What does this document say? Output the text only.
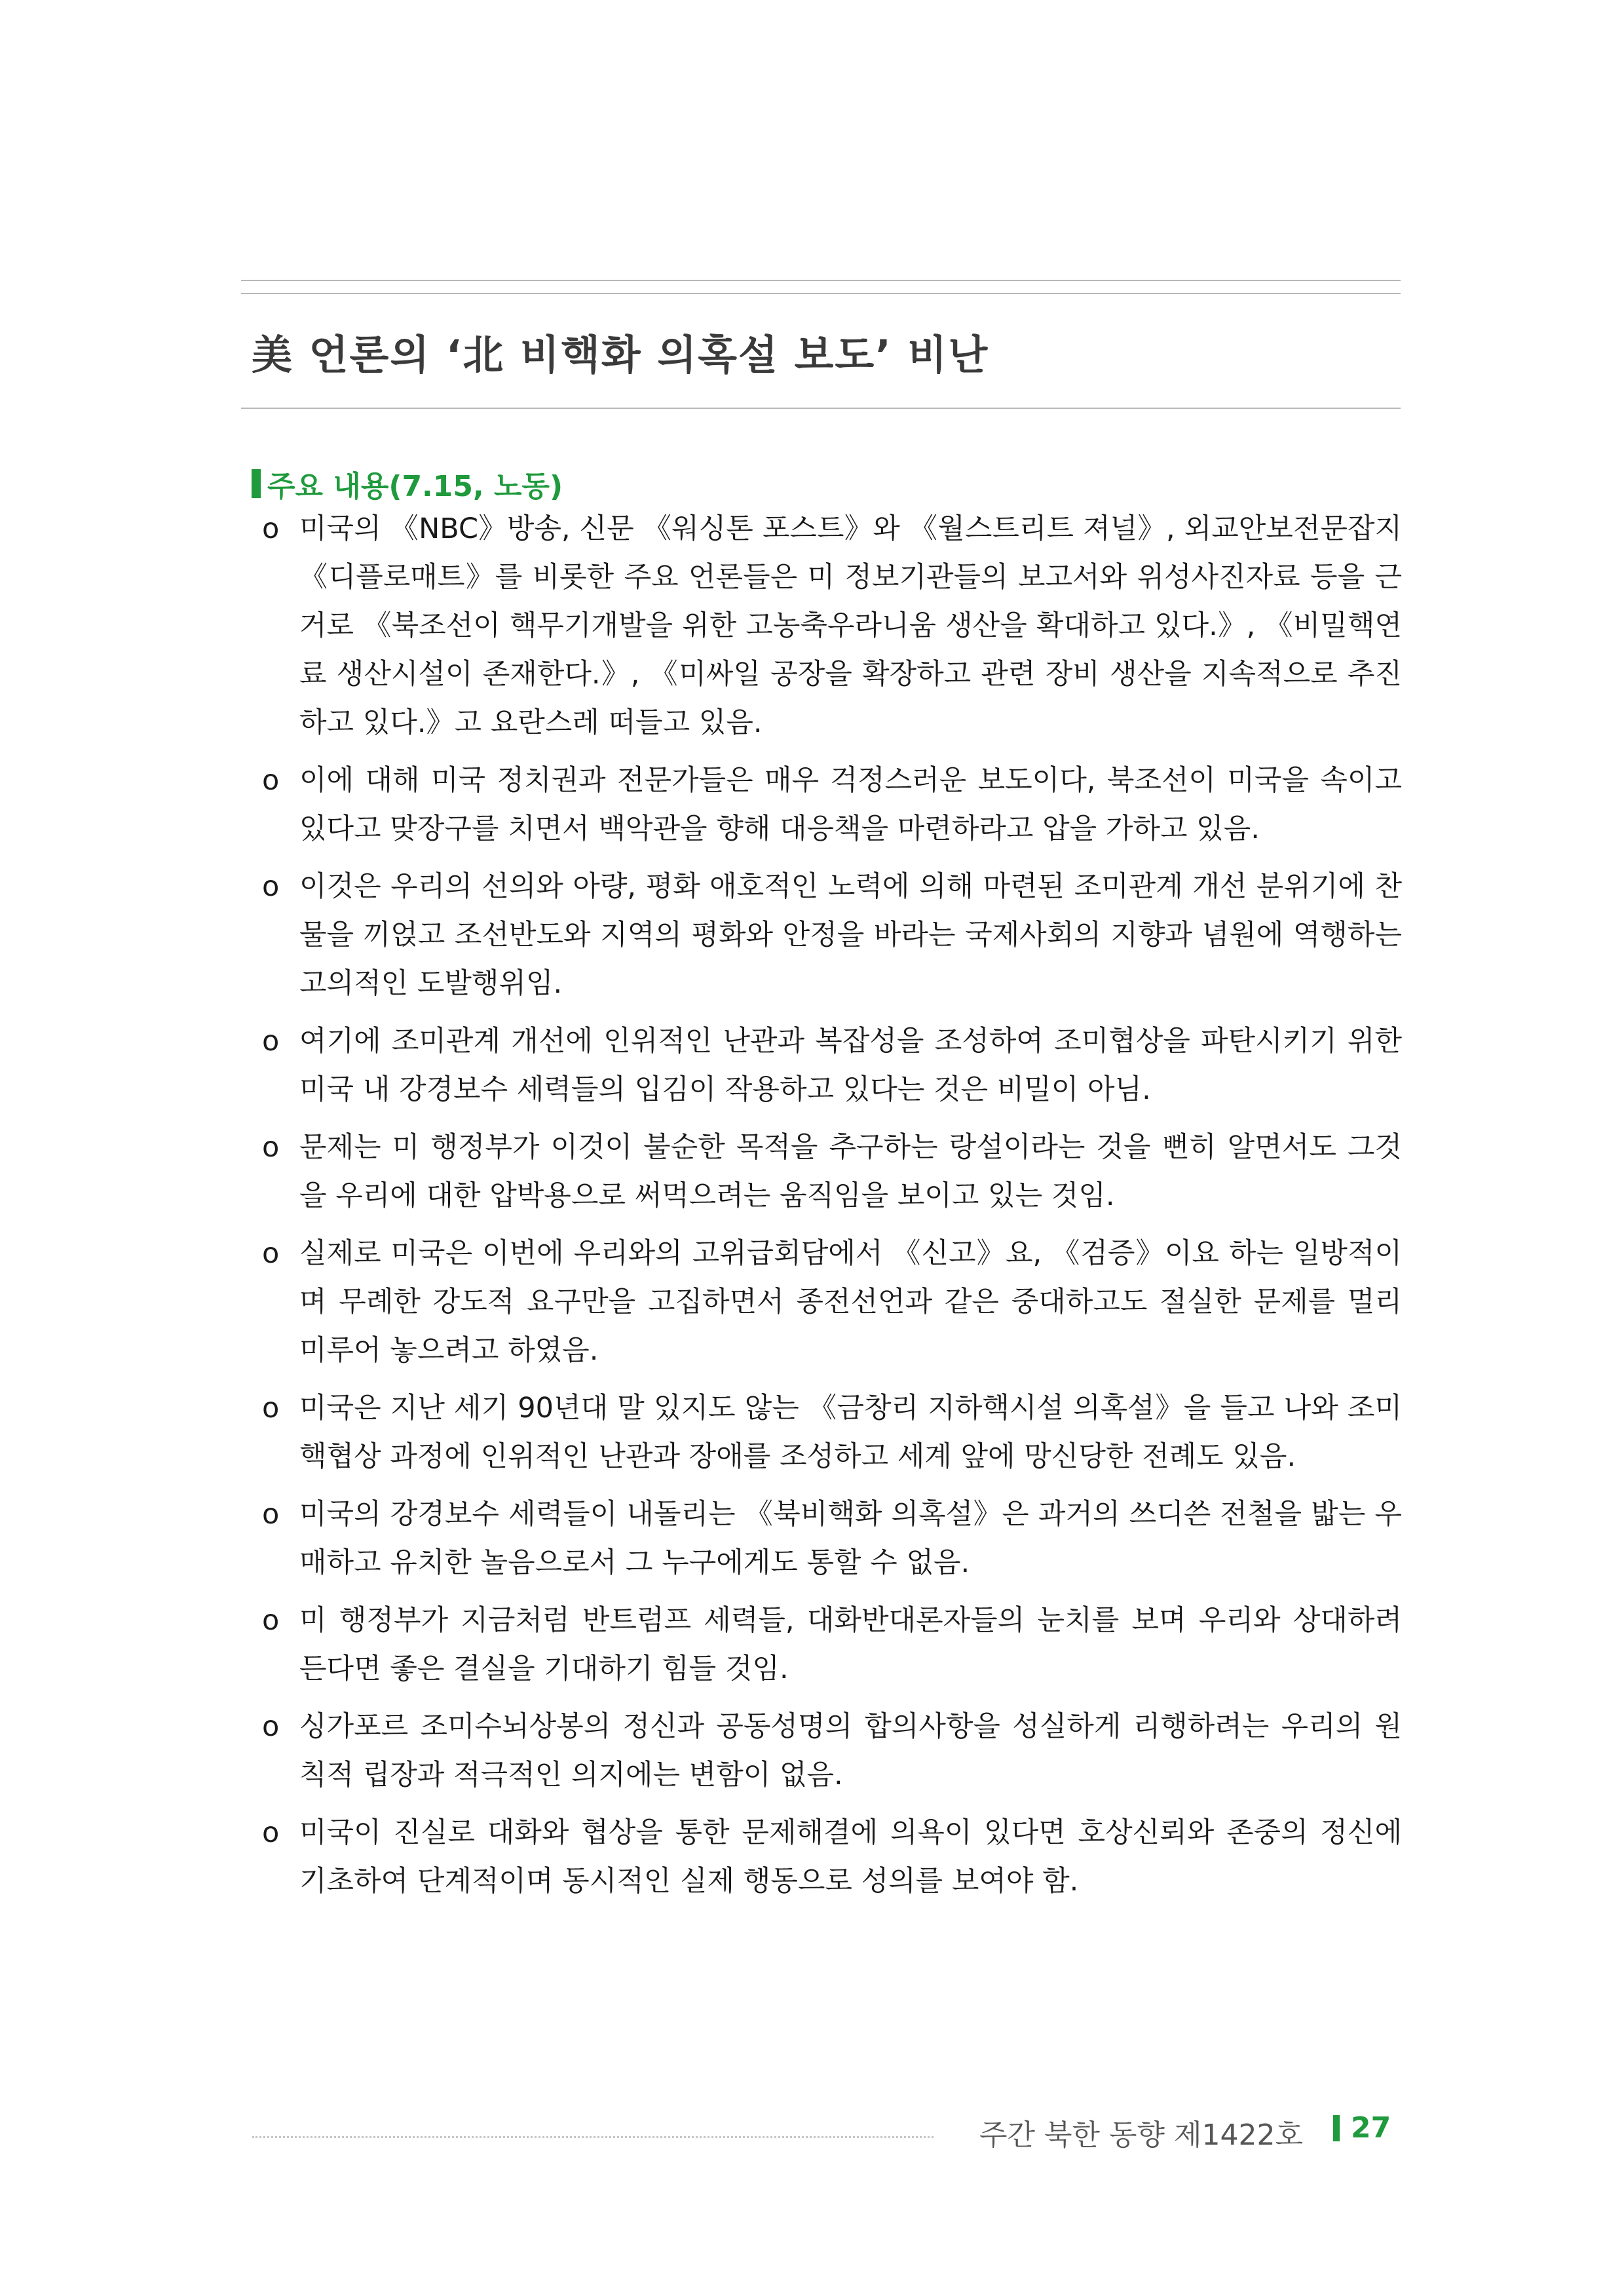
美 언론의 ‘北 비핵화 의혹설 보도’ 비난
주요 내용(7.15, 노동)
o 미국의 《NBC》방송, 신문 《워싱톤 포스트》와 《월스트리트 져널》, 외교안보전문잡지 《디플로매트》를 비롯한 주요 언론들은 미 정보기관들의 보고서와 위성사진자료 등을 근거로 《북조선이 핵무기개발을 위한 고농축우라니움 생산을 확대하고 있다.》, 《비밀핵연료 생산시설이 존재한다.》, 《미싸일 공장을 확장하고 관련 장비 생산을 지속적으로 추진하고 있다.》고 요란스레 떠들고 있음.
o 이에 대해 미국 정치권과 전문가들은 매우 걱정스러운 보도이다, 북조선이 미국을 속이고 있다고 맞장구를 치면서 백악관을 향해 대응책을 마련하라고 압을 가하고 있음.
o 이것은 우리의 선의와 아량, 평화 애호적인 노력에 의해 마련된 조미관계 개선 분위기에 찬물을 끼얹고 조선반도와 지역의 평화와 안정을 바라는 국제사회의 지향과 념원에 역행하는 고의적인 도발행위임.
o 여기에 조미관계 개선에 인위적인 난관과 복잡성을 조성하여 조미협상을 파탄시키기 위한 미국 내 강경보수 세력들의 입김이 작용하고 있다는 것은 비밀이 아님.
o 문제는 미 행정부가 이것이 불순한 목적을 추구하는 랑설이라는 것을 뻔히 알면서도 그것을 우리에 대한 압박용으로 써먹으려는 움직임을 보이고 있는 것임.
o 실제로 미국은 이번에 우리와의 고위급회담에서 《신고》요, 《검증》이요 하는 일방적이며 무례한 강도적 요구만을 고집하면서 종전선언과 같은 중대하고도 절실한 문제를 멀리 미루어 놓으려고 하였음.
o 미국은 지난 세기 90년대 말 있지도 않는 《금창리 지하핵시설 의혹설》을 들고 나와 조미핵협상 과정에 인위적인 난관과 장애를 조성하고 세계 앞에 망신당한 전례도 있음.
o 미국의 강경보수 세력들이 내돌리는 《북비핵화 의혹설》은 과거의 쓰디쓴 전철을 밟는 우매하고 유치한 놀음으로서 그 누구에게도 통할 수 없음.
o 미 행정부가 지금처럼 반트럼프 세력들, 대화반대론자들의 눈치를 보며 우리와 상대하려 든다면 좋은 결실을 기대하기 힘들 것임.
o 싱가포르 조미수뇌상봉의 정신과 공동성명의 합의사항을 성실하게 리행하려는 우리의 원칙적 립장과 적극적인 의지에는 변함이 없음.
o 미국이 진실로 대화와 협상을 통한 문제해결에 의욕이 있다면 호상신뢰와 존중의 정신에 기초하여 단계적이며 동시적인 실제 행동으로 성의를 보여야 함.
주간 북한 동향 제1422호 27
